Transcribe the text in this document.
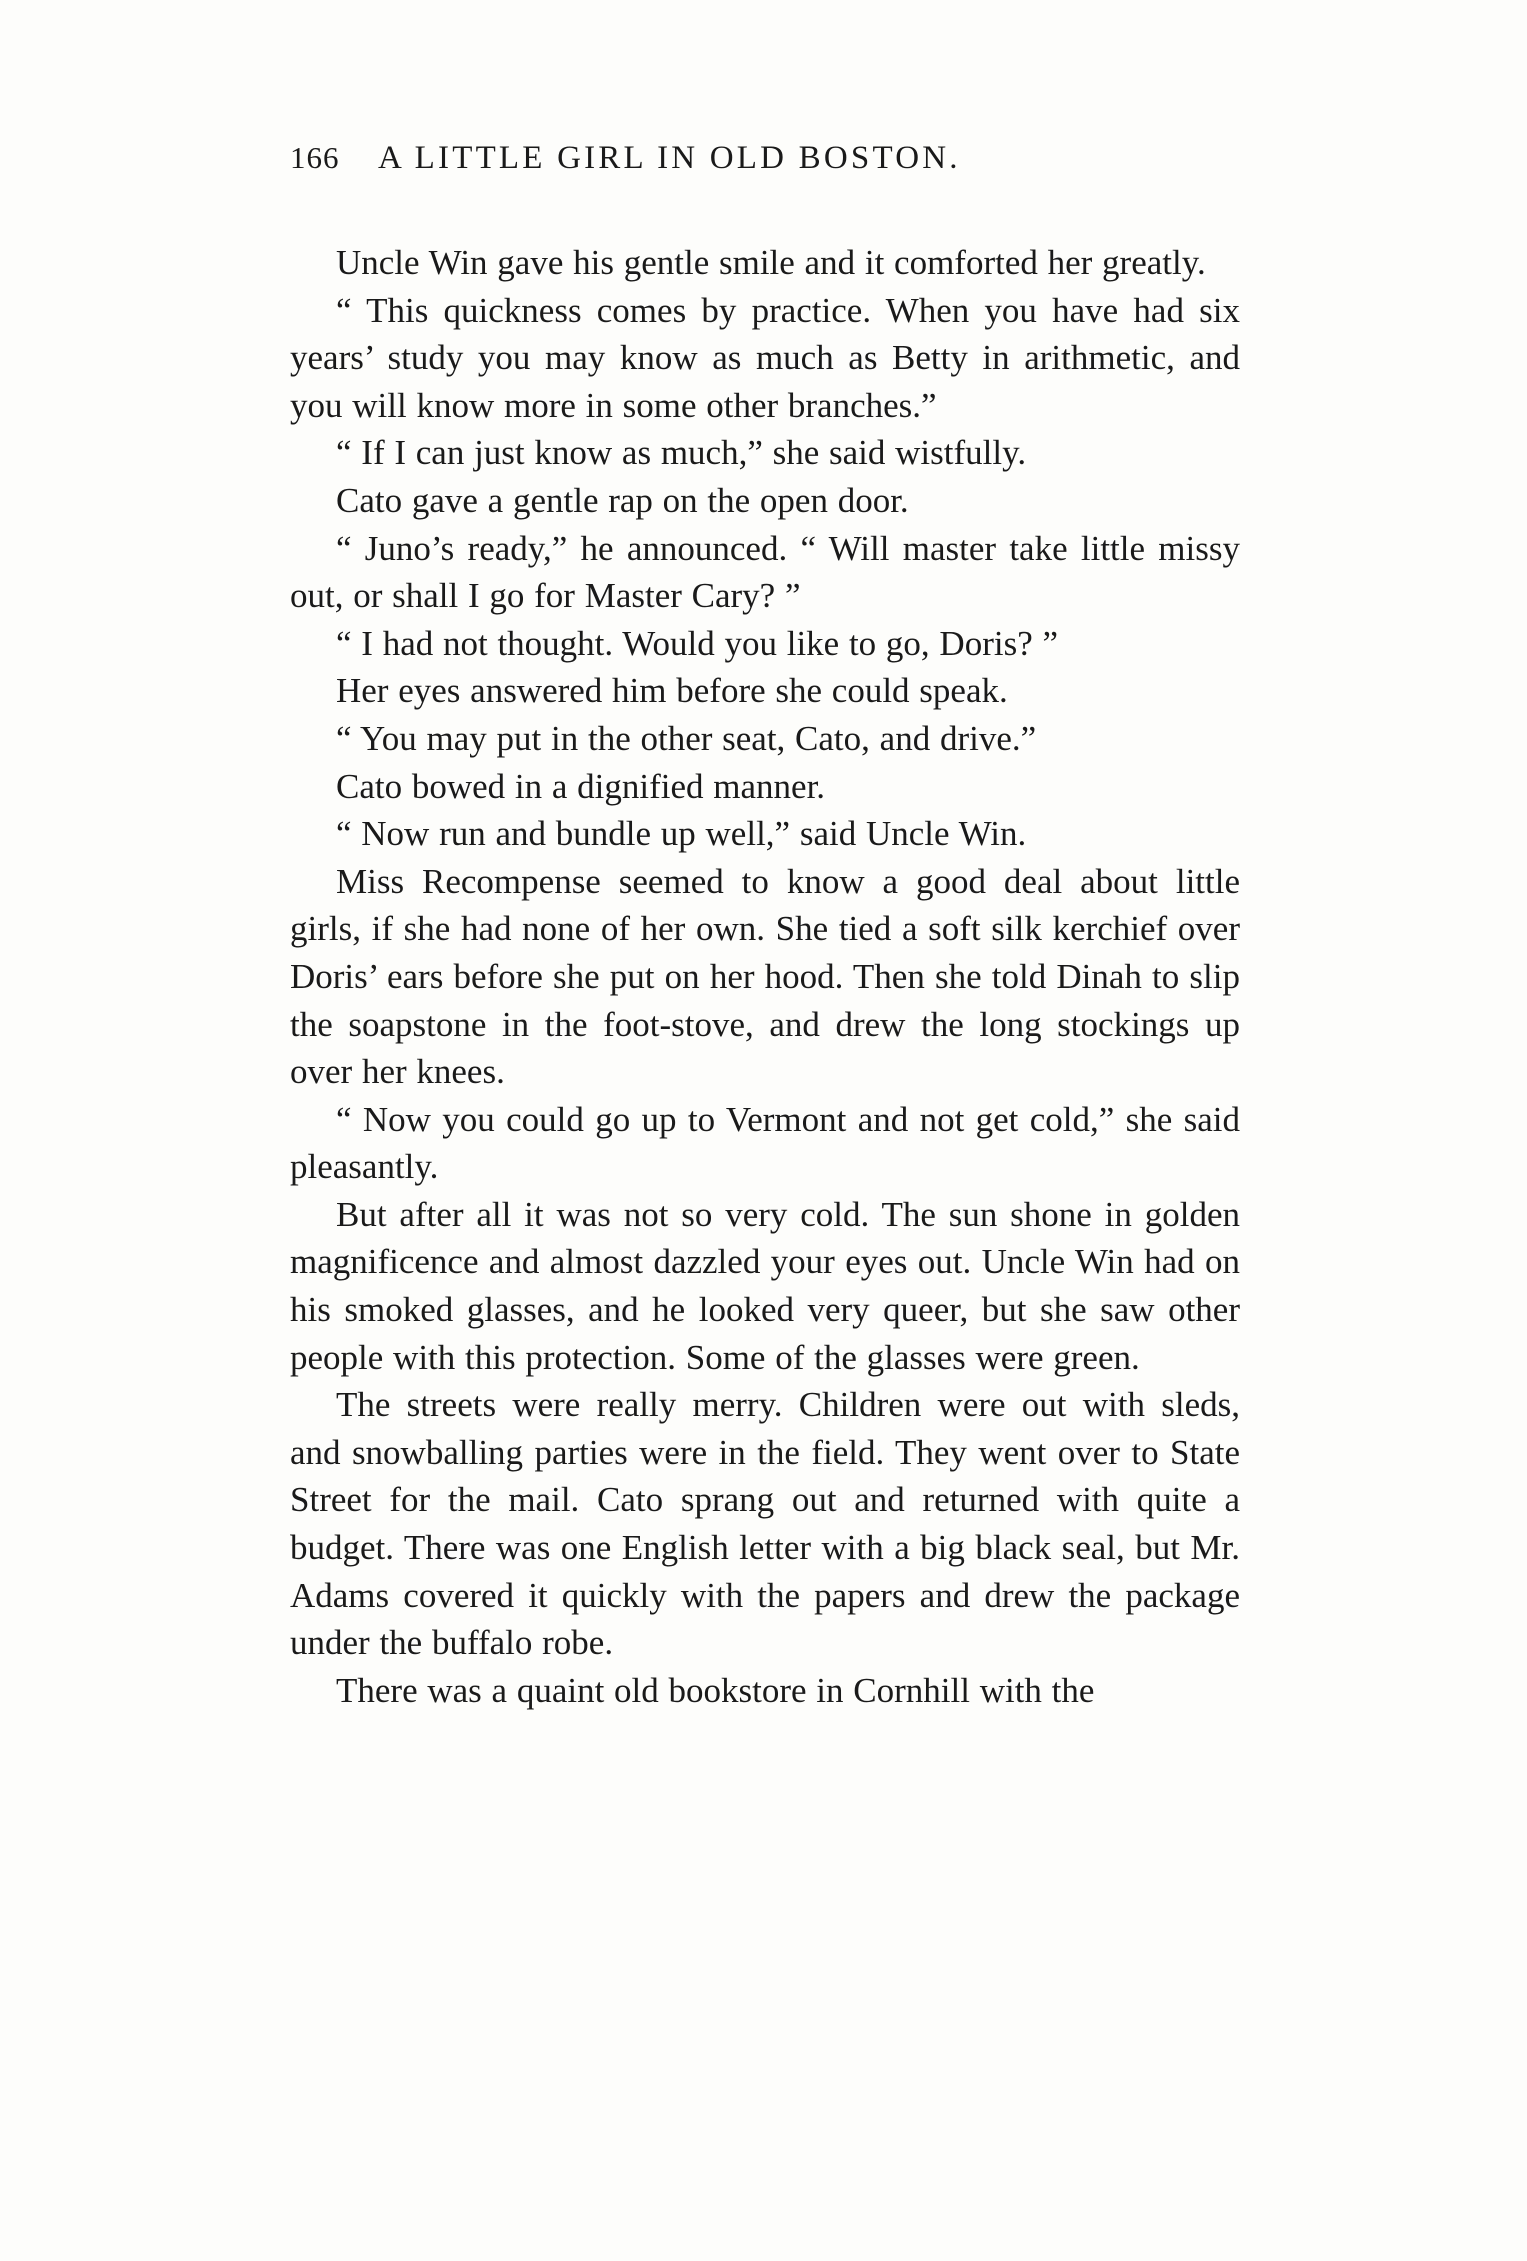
166	A LITTLE GIRL IN OLD BOSTON.

Uncle Win gave his gentle smile and it comforted her greatly.

“ This quickness comes by practice. When you have had six years’ study you may know as much as Betty in arithmetic, and you will know more in some other branches.”

“ If I can just know as much,” she said wistfully.

Cato gave a gentle rap on the open door.

“ Juno’s ready,” he announced. “ Will master take little missy out, or shall I go for Master Cary? ”

“ I had not thought. Would you like to go, Doris? ”

Her eyes answered him before she could speak.

“ You may put in the other seat, Cato, and drive.”

Cato bowed in a dignified manner.

“ Now run and bundle up well,” said Uncle Win.

Miss Recompense seemed to know a good deal about little girls, if she had none of her own. She tied a soft silk kerchief over Doris’ ears before she put on her hood. Then she told Dinah to slip the soapstone in the foot-stove, and drew the long stockings up over her knees.

“ Now you could go up to Vermont and not get cold,” she said pleasantly.

But after all it was not so very cold. The sun shone in golden magnificence and almost dazzled your eyes out. Uncle Win had on his smoked glasses, and he looked very queer, but she saw other people with this protection. Some of the glasses were green.

The streets were really merry. Children were out with sleds, and snowballing parties were in the field. They went over to State Street for the mail. Cato sprang out and returned with quite a budget. There was one English letter with a big black seal, but Mr. Adams covered it quickly with the papers and drew the package under the buffalo robe.

There was a quaint old bookstore in Cornhill with the
